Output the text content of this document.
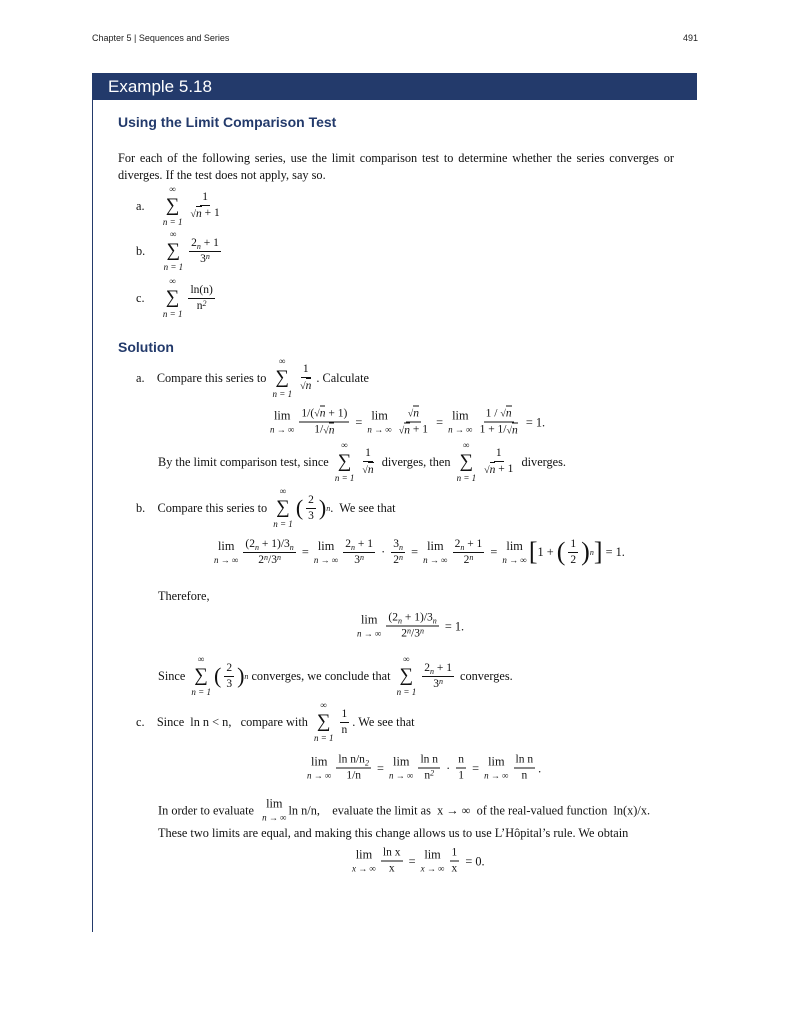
Chapter 5 | Sequences and Series	491
Example 5.18
Using the Limit Comparison Test
For each of the following series, use the limit comparison test to determine whether the series converges or diverges. If the test does not apply, say so.
a.
∞
∑
$n = 1 \frac{1}{√ n + 1}$
b.
∞
∑
n = 1
$\frac{2_n + 1}{3^n}$
c.
∞
∑
n = 1
$\frac{\ln(n)}{n^2}$
Solution
a.    Compare this series to
∞
∑
$n = 1 \frac{1}{√ n}$ . Calculate
lim
n → ∞ $\frac{1/( √ n + 1)}{1/ √ n} = \lim$
n → ∞ $\frac{√ n}{√ n + 1} = \lim$
n → ∞ $\frac{1 / √ n}{1 + 1/ √ n} = 1$.
By the limit comparison test, since
∞
∑
$n = 1 \frac{1}{√ n}$ diverges, then
∞
∑
$n = 1 \frac{1}{√ n + 1}$ diverges.
b.    Compare this series to
∞
∑
n = 1
( $\frac{2}{3}$ ) n .  We see that
lim
n → ∞ $\frac{(2_n + 1)/3_n}{2^n /3^n} = \lim$
n → ∞ $\frac{2_n + 1}{3^n} \cdot \frac{3_n}{2^n} = \lim$
n → ∞ $\frac{2_n + 1}{2^n} = \lim$
n → ∞ [ 1 + ( $\frac{1}{2}$ ) n ] = 1.
Therefore,
lim
n → ∞ $\frac{(2_n + 1)/3_n}{2^n /3^n} = 1$.
Since
∞
∑
n = 1
( $\frac{2}{3}$ ) n converges, we conclude that
∞
∑
n = 1
$\frac{2_n + 1}{3^n}$ converges.
c.    Since  ln n < n,   compare with
∞
∑
n = 1
$\frac{1}{n}$ . We see that
lim
n → ∞ $\frac{\ln n/n_2}{1/n} = \lim$
n → ∞ $\frac{\text{ln n}}{n^2} \cdot \frac{n}{1} = \lim$
n → ∞ $\frac{\text{ln n}}{n}$ .
In order to evaluate lim
n → ∞
ln n/n,    evaluate the limit as  x → ∞  of the real-valued function  ln(x)/x.
These two limits are equal, and making this change allows us to use L’Hôpital’s rule. We obtain
lim
x → ∞ $\frac{\text{ln x}}{x} = \lim$
x → ∞ $\frac{1}{x} = 0$.
